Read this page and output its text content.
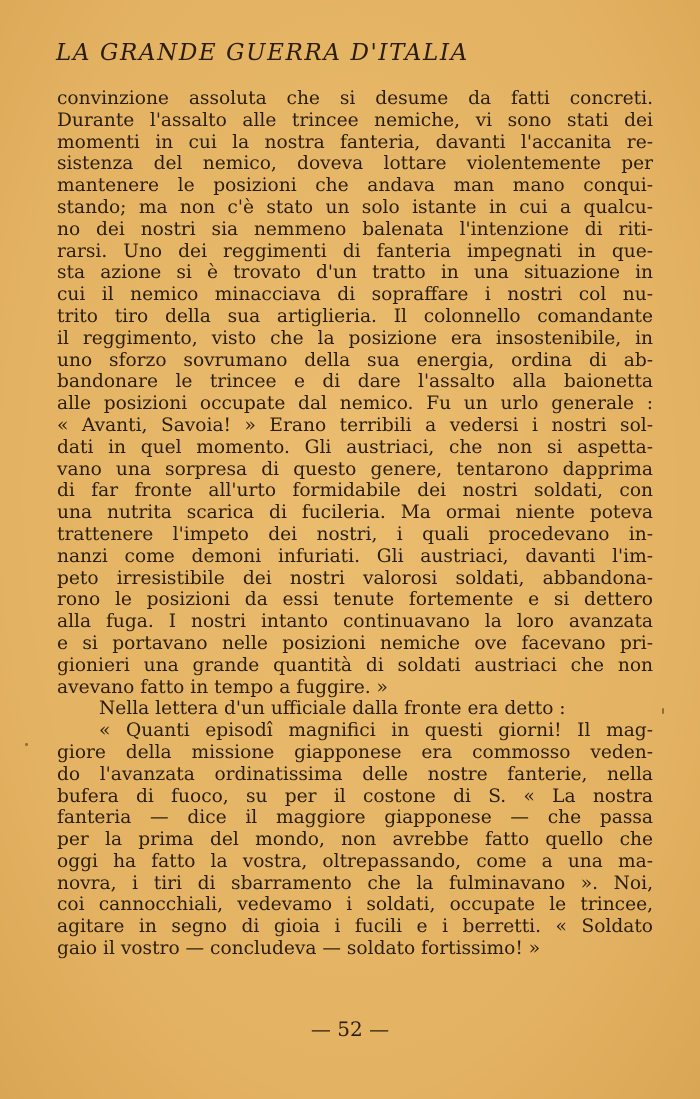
LA GRANDE GUERRA D'ITALIA
convinzione assoluta che si desume da fatti concreti.
Durante l'assalto alle trincee nemiche, vi sono stati dei
momenti in cui la nostra fanteria, davanti l'accanita re-
sistenza del nemico, doveva lottare violentemente per
mantenere le posizioni che andava man mano conqui-
stando; ma non c'è stato un solo istante in cui a qualcu-
no dei nostri sia nemmeno balenata l'intenzione di riti-
rarsi. Uno dei reggimenti di fanteria impegnati in que-
sta azione si è trovato d'un tratto in una situazione in
cui il nemico minacciava di sopraffare i nostri col nu-
trito tiro della sua artiglieria. Il colonnello comandante
il reggimento, visto che la posizione era insostenibile, in
uno sforzo sovrumano della sua energia, ordina di ab-
bandonare le trincee e di dare l'assalto alla baionetta
alle posizioni occupate dal nemico. Fu un urlo generale :
« Avanti, Savoia! » Erano terribili a vedersi i nostri sol-
dati in quel momento. Gli austriaci, che non si aspetta-
vano una sorpresa di questo genere, tentarono dapprima
di far fronte all'urto formidabile dei nostri soldati, con
una nutrita scarica di fucileria. Ma ormai niente poteva
trattenere l'impeto dei nostri, i quali procedevano in-
nanzi come demoni infuriati. Gli austriaci, davanti l'im-
peto irresistibile dei nostri valorosi soldati, abbandona-
rono le posizioni da essi tenute fortemente e si dettero
alla fuga. I nostri intanto continuavano la loro avanzata
e si portavano nelle posizioni nemiche ove facevano pri-
gionieri una grande quantità di soldati austriaci che non
avevano fatto in tempo a fuggire. »
Nella lettera d'un ufficiale dalla fronte era detto :
« Quanti episodî magnifici in questi giorni! Il mag-
giore della missione giapponese era commosso veden-
do l'avanzata ordinatissima delle nostre fanterie, nella
bufera di fuoco, su per il costone di S. « La nostra
fanteria — dice il maggiore giapponese — che passa
per la prima del mondo, non avrebbe fatto quello che
oggi ha fatto la vostra, oltrepassando, come a una ma-
novra, i tiri di sbarramento che la fulminavano ». Noi,
coi cannocchiali, vedevamo i soldati, occupate le trincee,
agitare in segno di gioia i fucili e i berretti. « Soldato
gaio il vostro — concludeva — soldato fortissimo! »
— 52 —
